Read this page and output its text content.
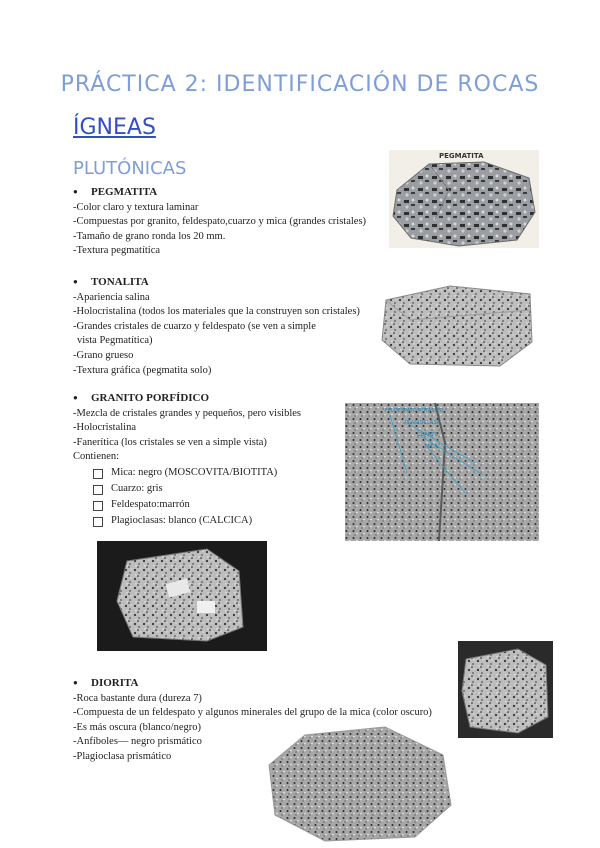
PRÁCTICA 2: IDENTIFICACIÓN DE ROCAS
ÍGNEAS
PLUTÓNICAS
● PEGMATITA
-Color claro y textura laminar
-Compuestas por granito, feldespato,cuarzo y mica (grandes cristales)
-Tamaño de grano ronda los 20 mm.
-Textura pegmatítica
PEGMATITA
● TONALITA
-Apariencia salina
-Holocristalina (todos los materiales que la construyen son cristales)
-Grandes cristales de cuarzo y feldespato (se ven a simple
vista Pegmatítica)
-Grano grueso
-Textura gráfica (pegmatita solo)
● GRANITO PORFÍDICO
-Mezcla de cristales grandes y pequeños, pero visibles
-Holocristalina
-Fanerítica (los cristales se ven a simple vista)
Contienen:
Mica: negro (MOSCOVITA/BIOTITA)
Cuarzo: gris
Feldespato:marrón
Plagioclasas: blanco (CALCICA)
FELDESPATO POTÁSICO
PLAGIOCLASA
CUARZO
MICA
● DIORITA
-Roca bastante dura (dureza 7)
-Compuesta de un feldespato y algunos minerales del grupo de la mica (color oscuro)
-Es más oscura (blanco/negro)
-Anfíboles— negro prismático
-Plagioclasa prismático
